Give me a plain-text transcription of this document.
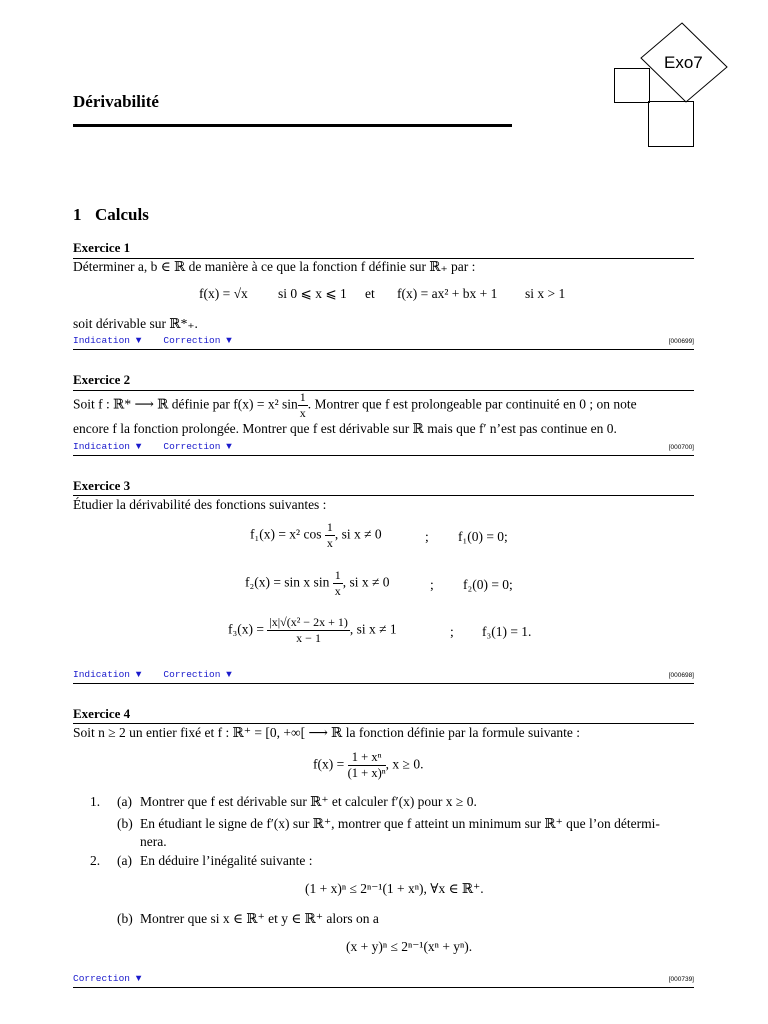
Exo7
Dérivabilité
1 Calculs
Exercice 1
Déterminer a, b ∈ ℝ de manière à ce que la fonction f définie sur ℝ₊ par :
f(x) = √x si 0 ⩽ x ⩽ 1 et f(x) = ax² + bx + 1 si x > 1
soit dérivable sur ℝ*₊.
Indication ▼ Correction ▼	[000699]
Exercice 2
Soit f : ℝ* ⟶ ℝ définie par f(x) = x² $\sin \frac{1}{x}$ . Montrer que f est prolongeable par continuité en 0 ; on note
encore f la fonction prolongée. Montrer que f est dérivable sur ℝ mais que f′ n’est pas continue en 0.
Indication ▼ Correction ▼	[000700]
Exercice 3
Étudier la dérivabilité des fonctions suivantes :
f₁(x) = x² $\cos \frac{1}{x}$ , si x ≠ 0	; f₁(0) = 0;
f₂(x) = sin x $\sin \frac{1}{x}$ , si x ≠ 0	; f₂(0) = 0;
$f_3(x) = \frac{\text{|x|√(x² − 2x + 1)}}{x - 1}$ , si x ≠ 1	; f₃(1) = 1.
Indication ▼ Correction ▼	[000698]
Exercice 4
Soit n ≥ 2 un entier fixé et f : ℝ⁺ = [0, +∞[ ⟶ ℝ la fonction définie par la formule suivante :
$f(x) = \frac{\text{1 + xⁿ}}{\text{(1 + x)ⁿ}}$ , x ≥ 0.
1. (a) Montrer que f est dérivable sur ℝ⁺ et calculer f′(x) pour x ≥ 0.
(b) En étudiant le signe de f′(x) sur ℝ⁺, montrer que f atteint un minimum sur ℝ⁺ que l’on détermi-
nera.
2. (a) En déduire l’inégalité suivante :
(1 + x)ⁿ ≤ 2ⁿ⁻¹(1 + xⁿ), ∀x ∈ ℝ⁺.
(b) Montrer que si x ∈ ℝ⁺ et y ∈ ℝ⁺ alors on a
(x + y)ⁿ ≤ 2ⁿ⁻¹(xⁿ + yⁿ).
Correction ▼	[000739]
